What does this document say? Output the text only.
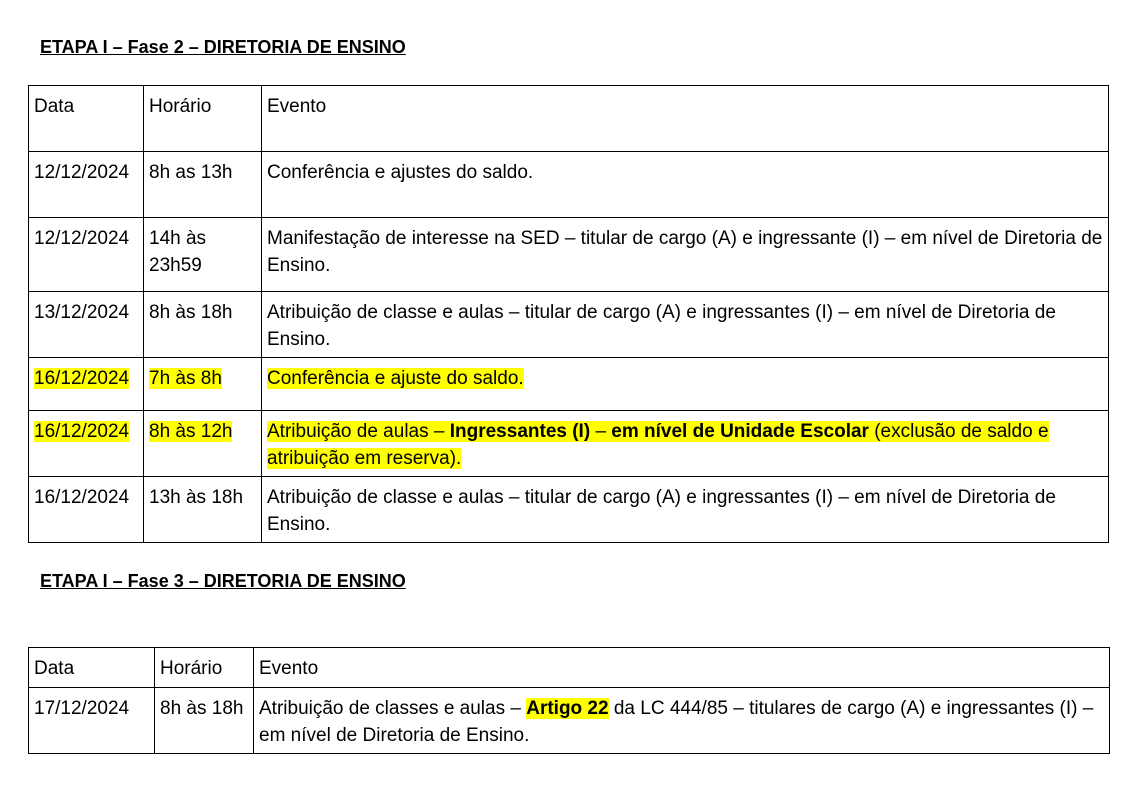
ETAPA I – Fase 2 – DIRETORIA DE ENSINO
Data	Horário	Evento
12/12/2024	8h as 13h	Conferência e ajustes do saldo.
12/12/2024	14h às 23h59	Manifestação de interesse na SED – titular de cargo (A) e ingressante (I) – em nível de Diretoria de Ensino.
13/12/2024	8h às 18h	Atribuição de classe e aulas – titular de cargo (A) e ingressantes (I) – em nível de Diretoria de Ensino.
16/12/2024	7h às 8h	Conferência e ajuste do saldo.
16/12/2024	8h às 12h	Atribuição de aulas – Ingressantes (I) – em nível de Unidade Escolar (exclusão de saldo e atribuição em reserva).
16/12/2024	13h às 18h	Atribuição de classe e aulas – titular de cargo (A) e ingressantes (I) – em nível de Diretoria de Ensino.
ETAPA I – Fase 3 – DIRETORIA DE ENSINO
Data	Horário	Evento
17/12/2024	8h às 18h	Atribuição de classes e aulas – Artigo 22 da LC 444/85 – titulares de cargo (A) e ingressantes (I) – em nível de Diretoria de Ensino.
